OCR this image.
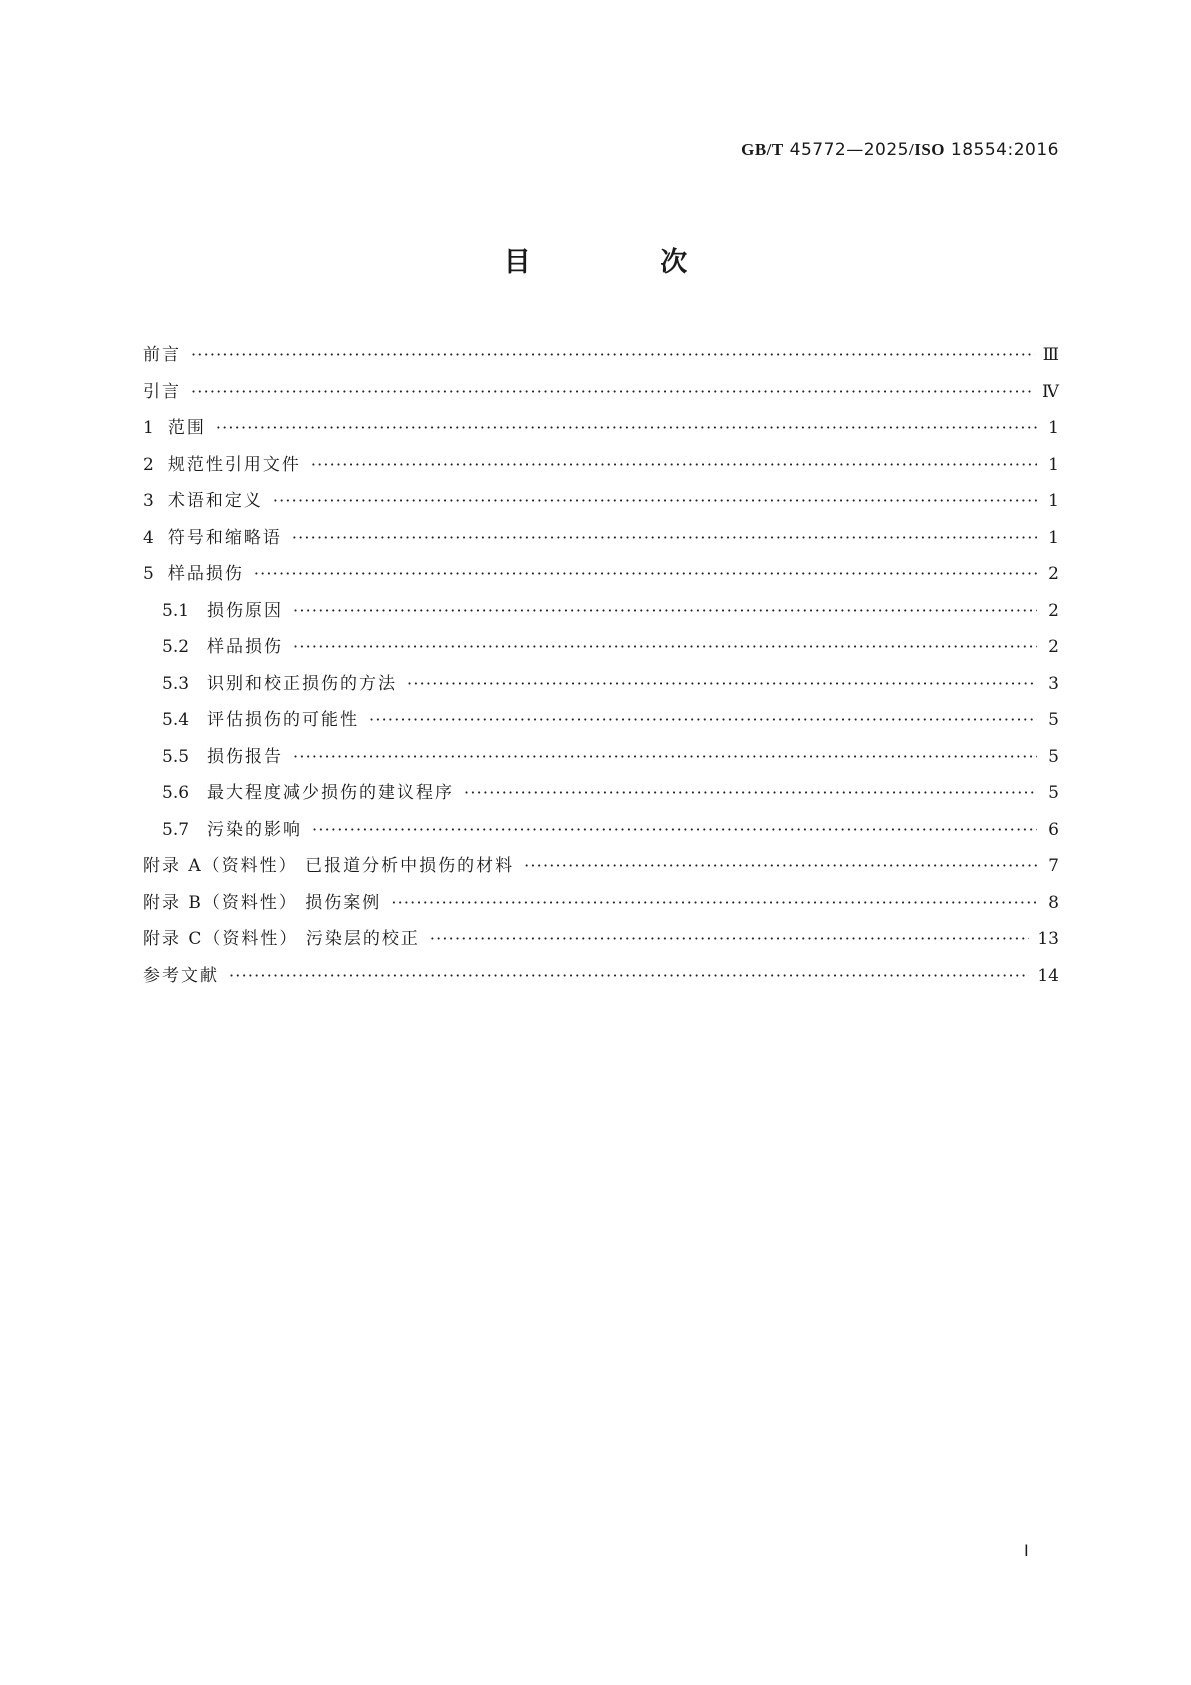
GB/T 45772—2025/ISO 18554:2016
目 次
前言 ·····	Ⅲ
引言 ·····	Ⅳ
1 范围 ·····	1
2 规范性引用文件 ·····	1
3 术语和定义 ·····	1
4 符号和缩略语 ·····	1
5 样品损伤 ·····	2
5.1 损伤原因 ·····	2
5.2 样品损伤 ·····	2
5.3 识别和校正损伤的方法 ·····	3
5.4 评估损伤的可能性 ·····	5
5.5 损伤报告 ·····	5
5.6 最大程度减少损伤的建议程序 ·····	5
5.7 污染的影响 ·····	6
附录 A（资料性） 已报道分析中损伤的材料 ·····	7
附录 B（资料性） 损伤案例 ·····	8
附录 C（资料性） 污染层的校正 ·····	13
参考文献 ·····	14
Ⅰ
